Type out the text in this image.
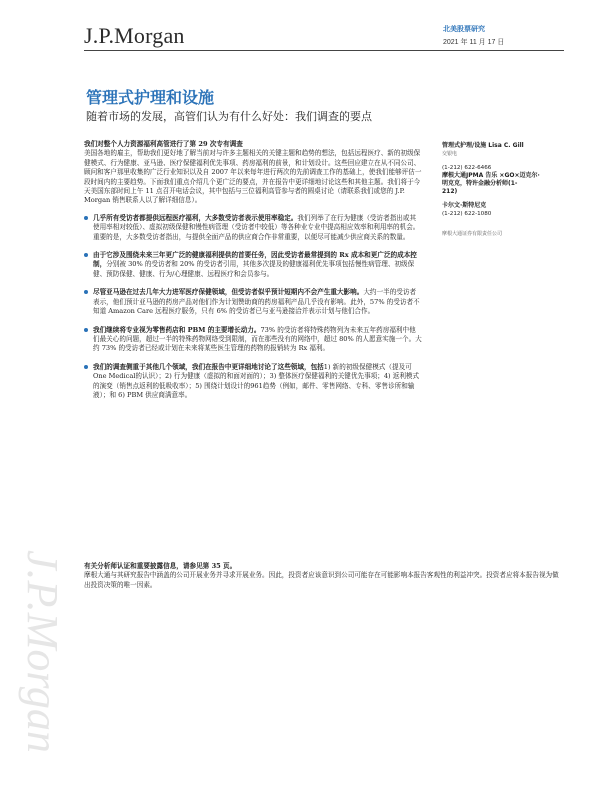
J.P.Morgan	北美股票研究
2021 年 11 月 17 日
管理式护理和设施
随着市场的发展，高管们认为有什么好处：我们调查的要点

我们对整个人力资源福利高管进行了第 29 次专有调查

美国各地的雇主，帮助我们更好地了解当前对与许多主题相关的关键主题和趋势的想法，包括远程医疗、新的初级保健模式、行为健康、亚马逊、医疗保健福利优先事项、药房福利的前景，和计划设计。这些回应建立在从不同公司、顾问和客户那里收集的广泛行业知识以及自 2007 年以来每年进行两次的先前调查工作的基础上，使我们能够评估一段时间内的主要趋势。下面我们重点介绍几个更广泛的要点，并在报告中更详细地讨论这些和其他主题。我们将于今天美国东部时间上午 11 点召开电话会议，其中包括与三位福利高管参与者的圆桌讨论（请联系我们或您的 J.P. Morgan 销售联系人以了解详细信息）。

几乎所有受访者都提供远程医疗福利，大多数受访者表示使用率稳定。我们列举了在行为健康（受访者指出或其使用率相对较低）、虚拟初级保健和慢性病管理（受访者中较低）等各种业专业中提高相应效率和利用率的机会。重要的是，大多数受访者指出，与提供全面产品的供应商合作非常重要，以便尽可能减少供应商关系的数量。
由于它涉及围绕未来三年更广泛的健康福利提供的首要任务，因此受访者最常提到的 Rx 成本和更广泛的成本控制，分别被 30% 的受访者和 20% 的受访者引用，其他多次提及的健康福利优先事项包括慢性病管理、初级保健、预防保健、健康、行为/心理健康、远程医疗和会员参与。
尽管亚马逊在过去几年大力进军医疗保健领域，但受访者似乎预计短期内不会产生重大影响。大约一半的受访者表示，他们预计亚马逊的药房产品对他们作为计划赞助商的药房福利产品几乎没有影响。此外，57% 的受访者不知道 Amazon Care 远程医疗服务，只有 6% 的受访者已与亚马逊接洽并表示计划与他们合作。
我们继续将专业视为零售药店和 PBM 的主要增长动力。73% 的受访者将特殊药物列为未来五年药房福利中他们最关心的问题，超过一半的特殊药物网络受到限制，而在那些没有的网络中，超过 80% 的人愿意实施一个。大约 73% 的受访者已经或计划在未来将某些医生管理的药物的报销转为 Rx 福利。
我们的调查侧重于其他几个领域，我们在报告中更详细地讨论了这些领域，包括1) 新的初级保健模式（提及可One Medical的认识）；2) 行为健康（虚拟的和面对面的）；3) 整体医疗保健福利的关键优先事项；4) 返利模式的演变（销售点返利的低吸收率）；5) 围绕计划设计的961趋势（例如，邮件、零售网络、专科、零售诊所和输液）；和 6) PBM 供应商满意率。
管理式护理/设施 Lisa C. Gill
交银电
(1-212) 622-6466
摩根大通JPMA 告乐 ×GO×迈克尔·
明克克，特许金融分析师(1-
212)
卡尔文·斯特尼克
(1-212) 622-1080
摩根大通证券有限责任公司
有关分析师认证和重要披露信息，请参见第 35 页。
摩根大通与其研究报告中涵盖的公司开展业务并寻求开展业务。因此，投资者应该意识到公司可能存在可能影响本报告客观性的利益冲突。投资者应将本报告视为做出投资决策的唯一因素。
J.P.Morgan
